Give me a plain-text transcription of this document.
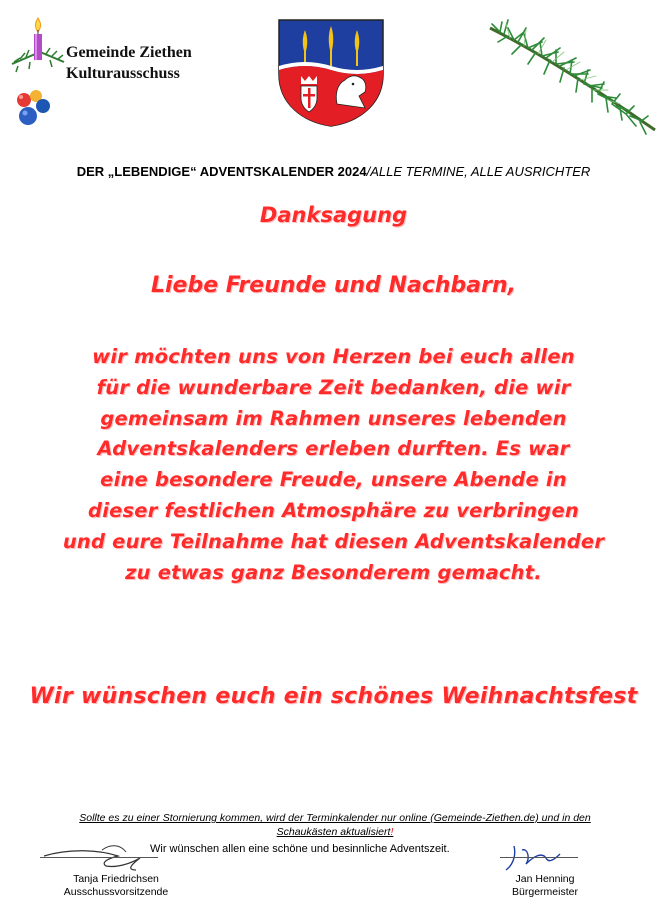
Gemeinde Ziethen
Kulturausschuss
DER „LEBENDIGE“ ADVENTSKALENDER 2024/ALLE TERMINE, ALLE AUSRICHTER
Danksagung
Liebe Freunde und Nachbarn,
wir möchten uns von Herzen bei euch allen
für die wunderbare Zeit bedanken, die wir
gemeinsam im Rahmen unseres lebenden
Adventskalenders erleben durften. Es war
eine besondere Freude, unsere Abende in
dieser festlichen Atmosphäre zu verbringen
und eure Teilnahme hat diesen Adventskalender
zu etwas ganz Besonderem gemacht.
Wir wünschen euch ein schönes Weihnachtsfest
Sollte es zu einer Stornierung kommen, wird der Terminkalender nur online (Gemeinde-Ziethen.de) und in den Schaukästen aktualisiert!
Wir wünschen allen eine schöne und besinnliche Adventszeit.
Tanja Friedrichsen
Ausschussvorsitzende
Jan Henning
Bürgermeister
